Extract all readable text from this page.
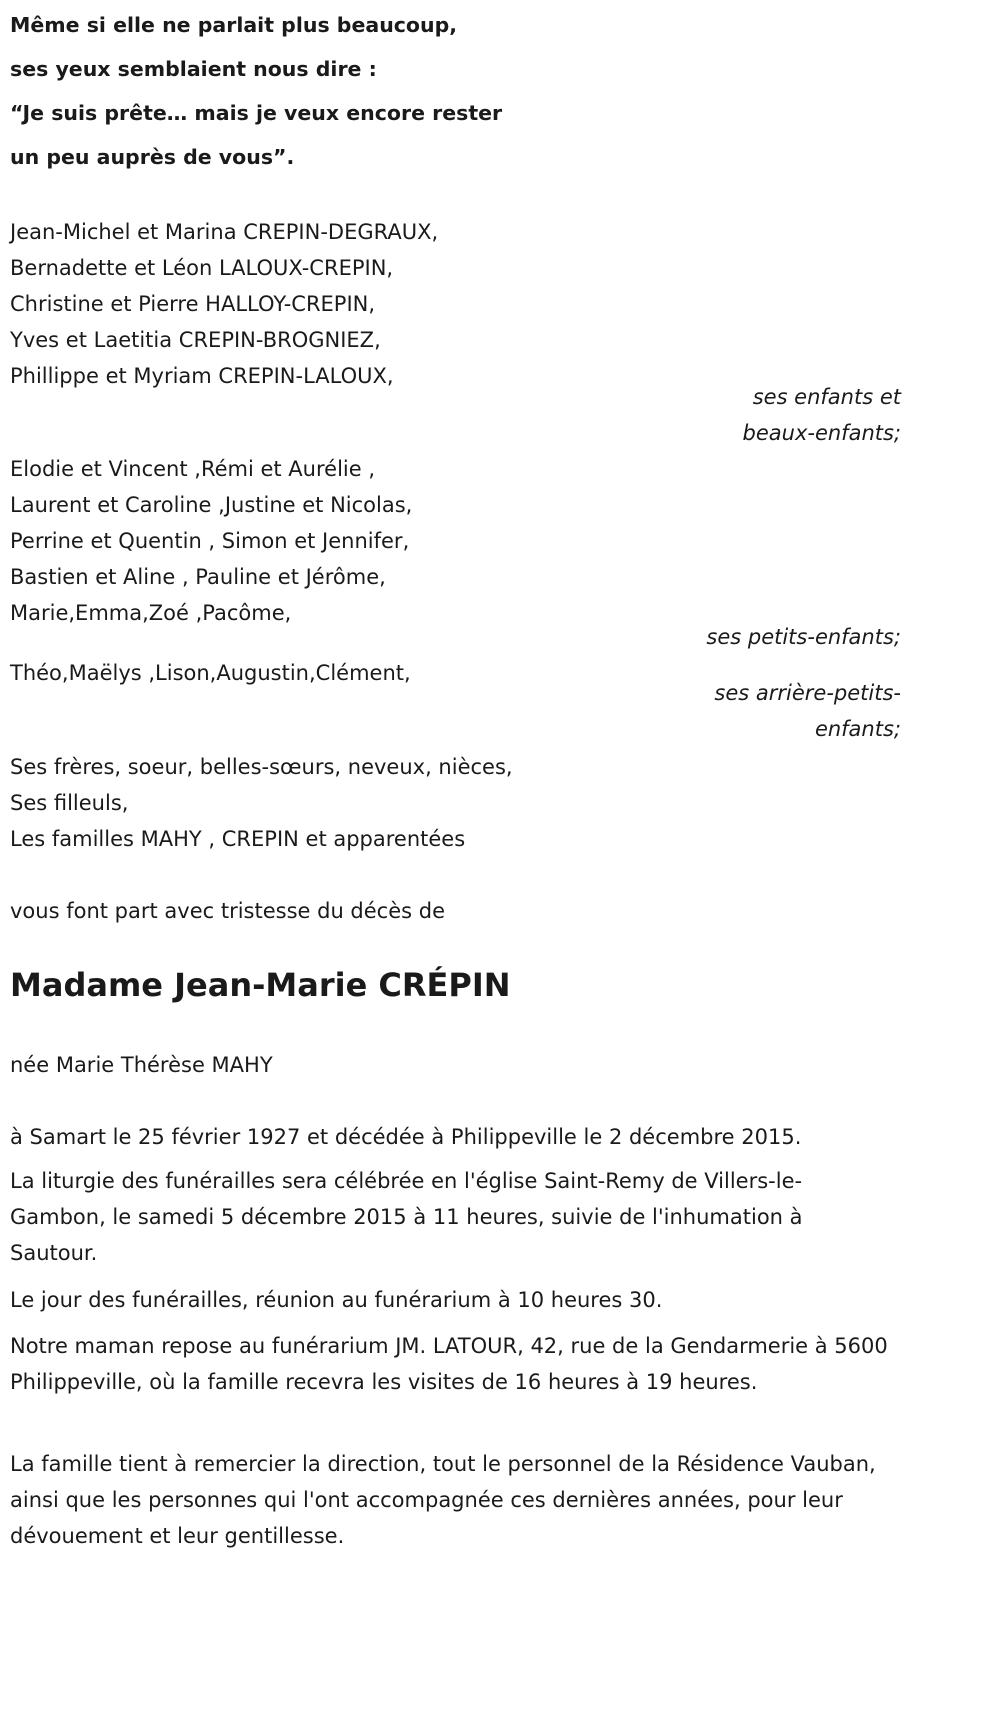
Même si elle ne parlait plus beaucoup,
ses yeux semblaient nous dire :
“Je suis prête… mais je veux encore rester
un peu auprès de vous”.
Jean-Michel et Marina CREPIN-DEGRAUX,
Bernadette et Léon LALOUX-CREPIN,
Christine et Pierre HALLOY-CREPIN,
Yves et Laetitia CREPIN-BROGNIEZ,
Phillippe et Myriam CREPIN-LALOUX,
ses enfants et
beaux-enfants;
Elodie et Vincent ,Rémi et Aurélie ,
Laurent et Caroline ,Justine et Nicolas,
Perrine et Quentin , Simon et Jennifer,
Bastien et Aline , Pauline et Jérôme,
Marie,Emma,Zoé ,Pacôme,
ses petits-enfants;
Théo,Maëlys ,Lison,Augustin,Clément,
ses arrière-petits-
enfants;
Ses frères, soeur, belles-sœurs, neveux, nièces,
Ses filleuls,
Les familles MAHY , CREPIN et apparentées
vous font part avec tristesse du décès de
Madame Jean-Marie CRÉPIN
née Marie Thérèse MAHY
à Samart le 25 février 1927 et décédée à Philippeville le 2 décembre 2015.
La liturgie des funérailles sera célébrée en l'église Saint-Remy de Villers-le-Gambon, le samedi 5 décembre 2015 à 11 heures, suivie de l'inhumation à Sautour.
Le jour des funérailles, réunion au funérarium à 10 heures 30.
Notre maman repose au funérarium JM. LATOUR, 42, rue de la Gendarmerie à 5600 Philippeville, où la famille recevra les visites de 16 heures à 19 heures.
La famille tient à remercier la direction, tout le personnel de la Résidence Vauban, ainsi que les personnes qui l'ont accompagnée ces dernières années, pour leur dévouement et leur gentillesse.
